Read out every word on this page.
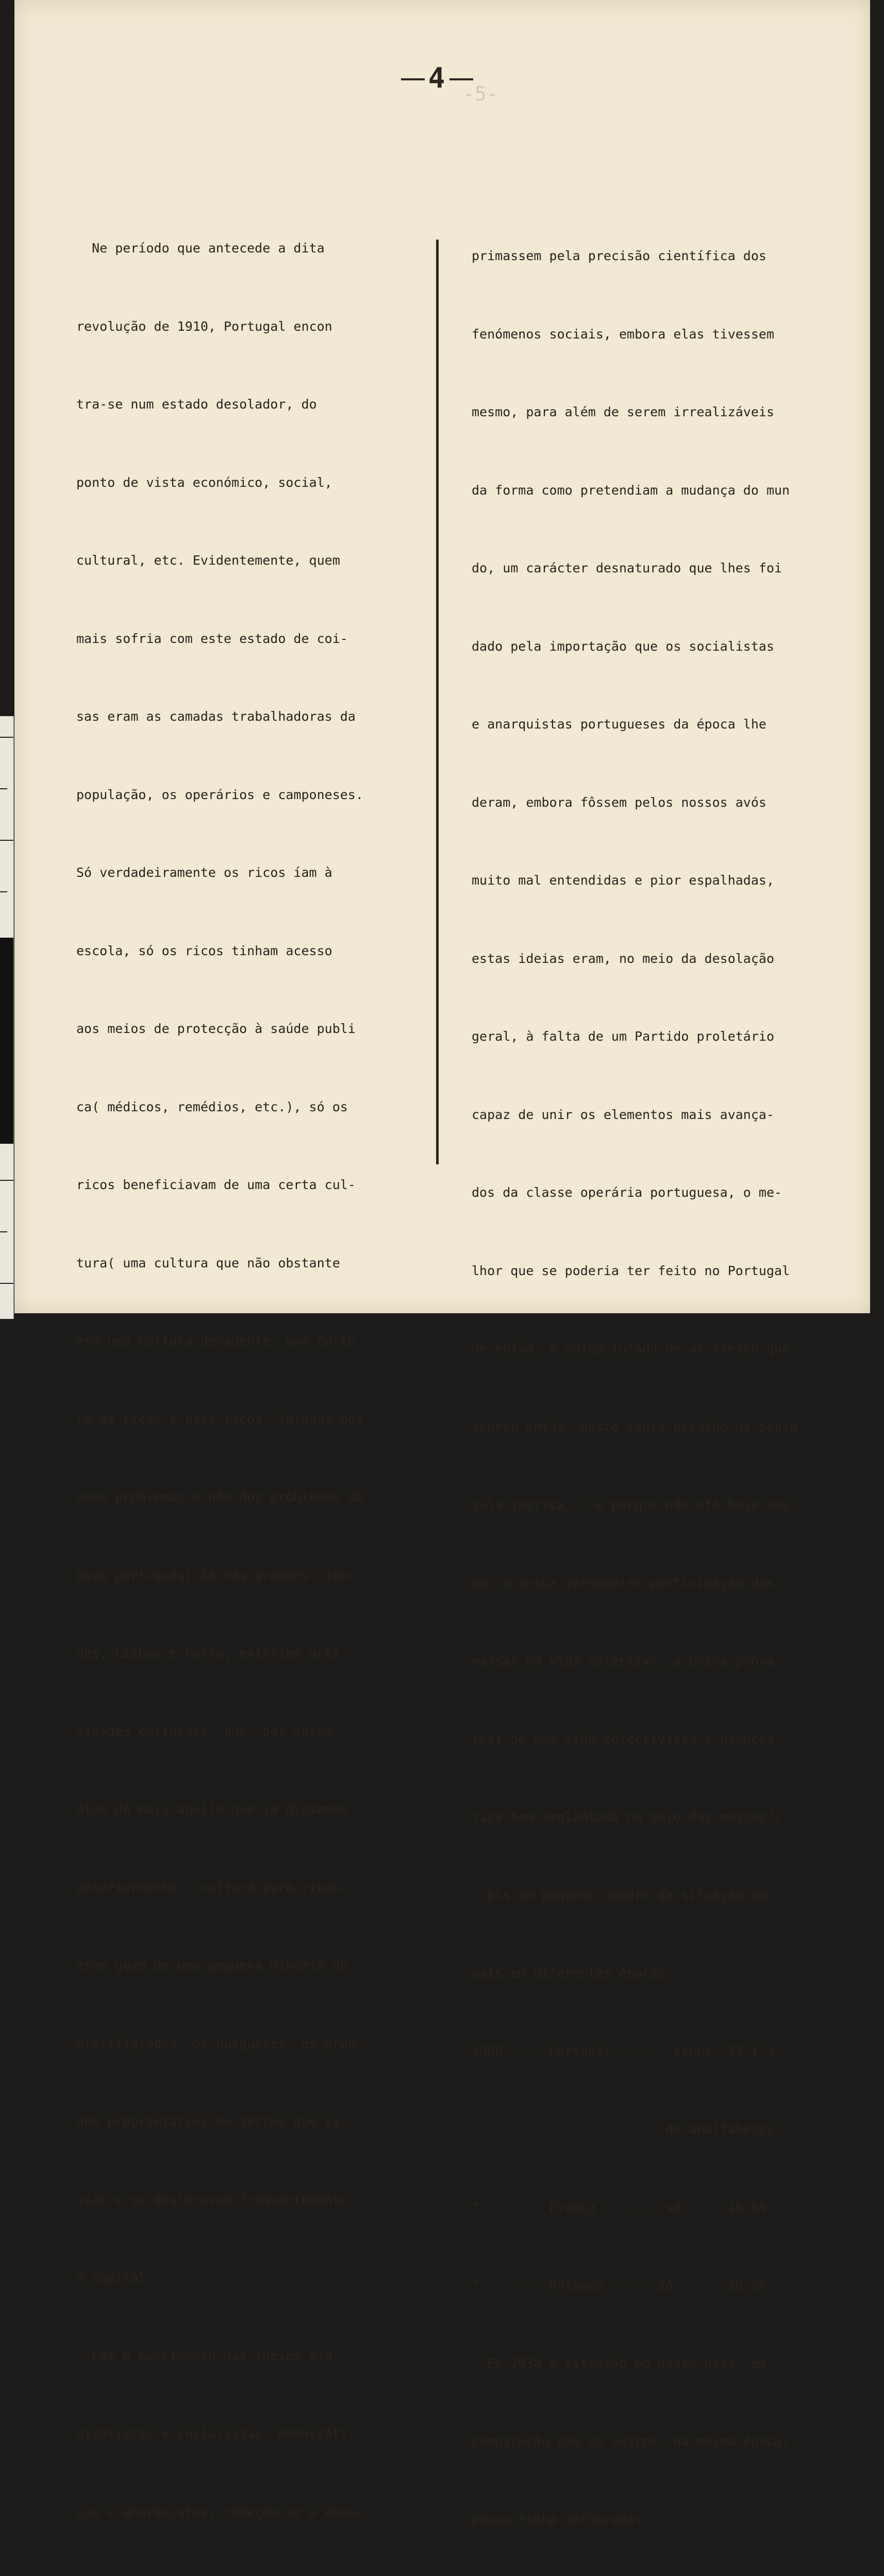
-5-
4

Ne período que antecede a dita

revolução de 1910, Portugal encon

tra-se num estado desolador, do

ponto de vista económico, social,

cultural, etc. Evidentemente, quem

mais sofria com este estado de coi-

sas eram as camadas trabalhadoras da

população, os operários e camponeses.

Só verdadeiramente os ricos íam à

escola, só os ricos tinham acesso

aos meios de protecção à saúde publi

ca( médicos, remédios, etc.), só os

ricos beneficiavam de uma certa cul-

tura( uma cultura que não obstante

era uma cultura decadente, uma cultu

ra de ricos e para ricos, falando dos

seus problemas e não dos problemas do

povo português).Só nas grandes cida-

des, Lisboa e Porto, existiam acti-

vidades culturais, que, por serem

além do mais aquilo que já dissemos

anteriormente - cultura para ricos-

eram gozo de uma pequena minoria de

previligiados, os burgueses, os gran-

des proprietários de terras que vi-

viam e se deslocavam frequentemente

à capital.

Com o nascimento das ideias sin-

dicalistas e socialistas, democráti-

cas e anarquistas, começam-se a espa-

primassem pela precisão científica dos

fenómenos sociais, embora elas tivessem

mesmo, para além de serem irrealizáveis

da forma como pretendiam a mudança do mun

do, um carácter desnaturado que lhes foi

dado pela importação que os socialistas

e anarquistas portugueses da época lhe

deram, embora fôssem pelos nossos avós

muito mal entendidas e pior espalhadas,

estas ideias eram, no meio da desolação

geral, à falta de um Partido proletário

capaz de unir os elementos mais avança-

dos da classe operária portuguesa, o me-

lhor que se poderia ter feito no Portugal

de então, a única lufada de ar fresco que

soprou então, neste canto perdido da penín

sula ibérica, ( e porque não até hoje mes-

mo, a única verdadeira participação das

massas na vida colectiva, a única prova

real de uma vida colectivista e democrá

tica bem implantada no seio das massas?).

Eis um pequeno quadro da situação do

país em diferentes épocas:

1900 ---- Portugal ------ tinha  73,1 %

de analfabetos

"    ---- França  ------ só      16,5%

"    ---- Holanda ------só       10,9%

Em 1930 a situação no nosso país, em

comparação com os outros, na mesma época,

pouco tinha melhorado:
